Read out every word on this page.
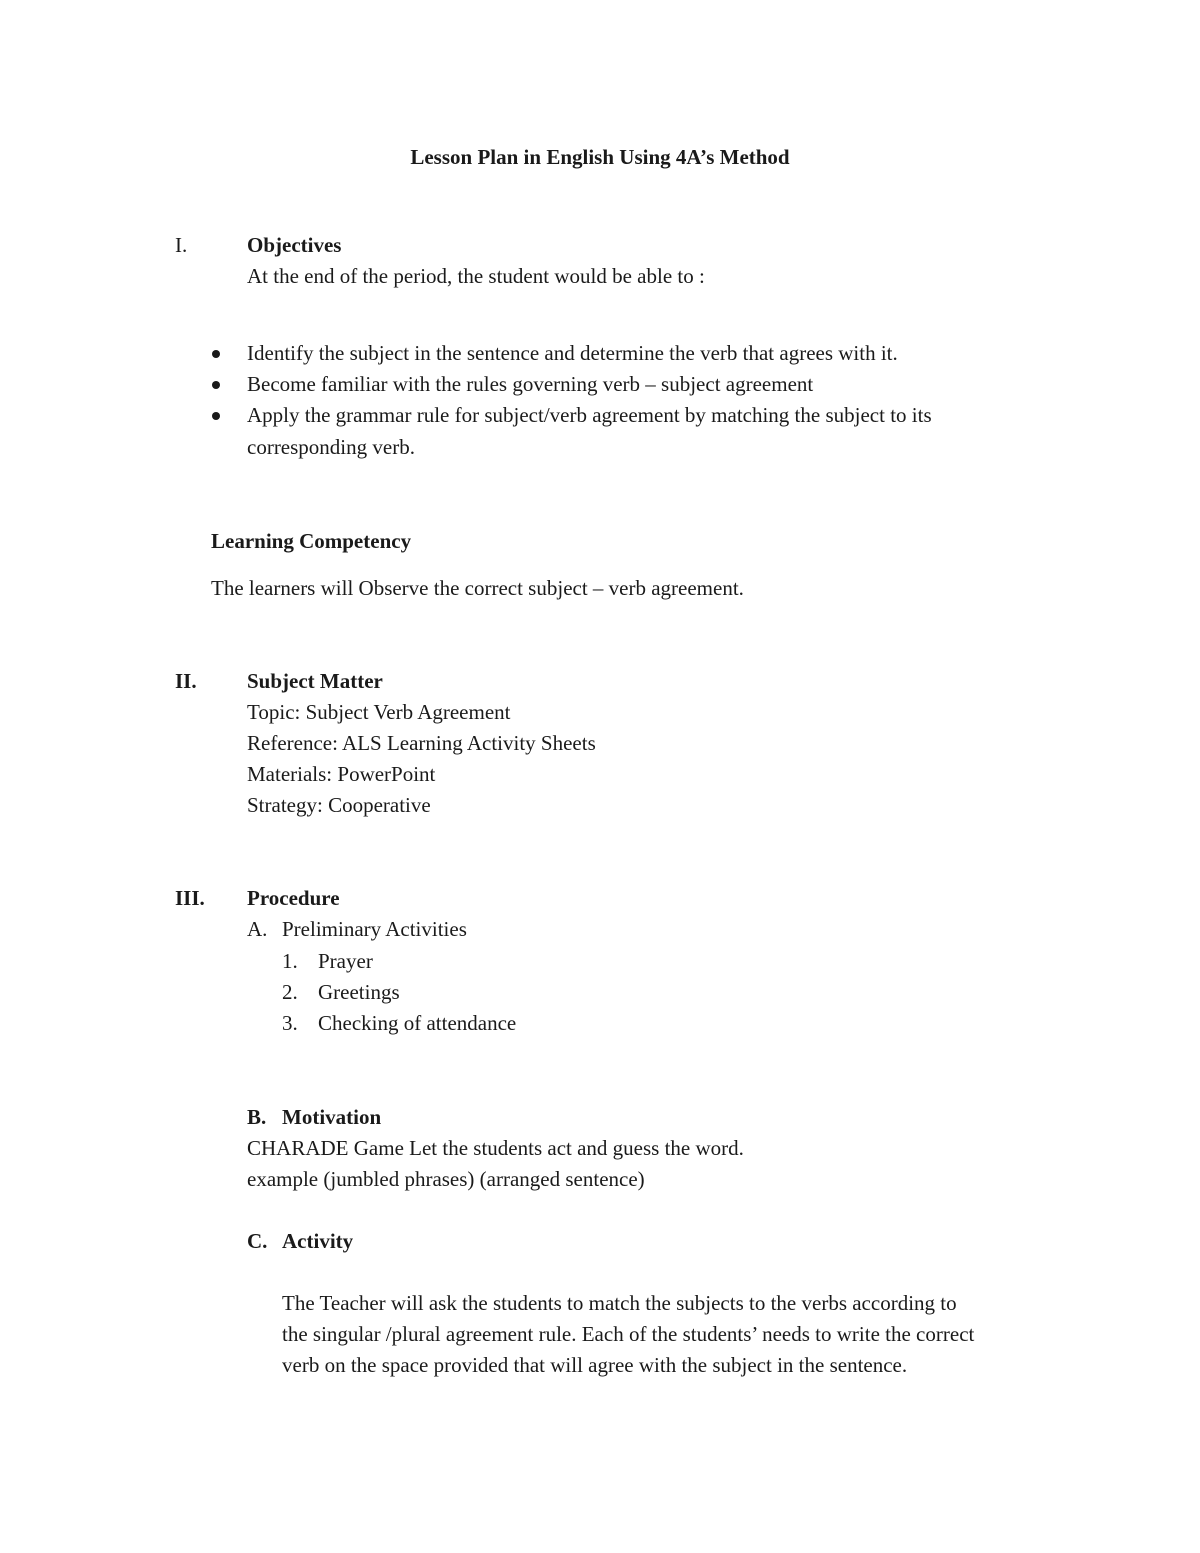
Lesson Plan in English Using 4A’s Method
I.	Objectives
At the end of the period, the student would be able to :
Identify the subject in the sentence and determine the verb that agrees with it.
Become familiar with the rules governing verb – subject agreement
Apply the grammar rule for subject/verb agreement by matching the subject to its
corresponding verb.
Learning Competency
The learners will Observe the correct subject – verb agreement.
II. Subject Matter
Topic: Subject Verb Agreement
Reference: ALS Learning Activity Sheets
Materials: PowerPoint
Strategy: Cooperative
III. Procedure
A. Preliminary Activities
1. Prayer
2. Greetings
3. Checking of attendance
B. Motivation
CHARADE Game Let the students act and guess the word.
example (jumbled phrases) (arranged sentence)
C. Activity
The Teacher will ask the students to match the subjects to the verbs according to
the singular /plural agreement rule. Each of the students’ needs to write the correct
verb on the space provided that will agree with the subject in the sentence.
